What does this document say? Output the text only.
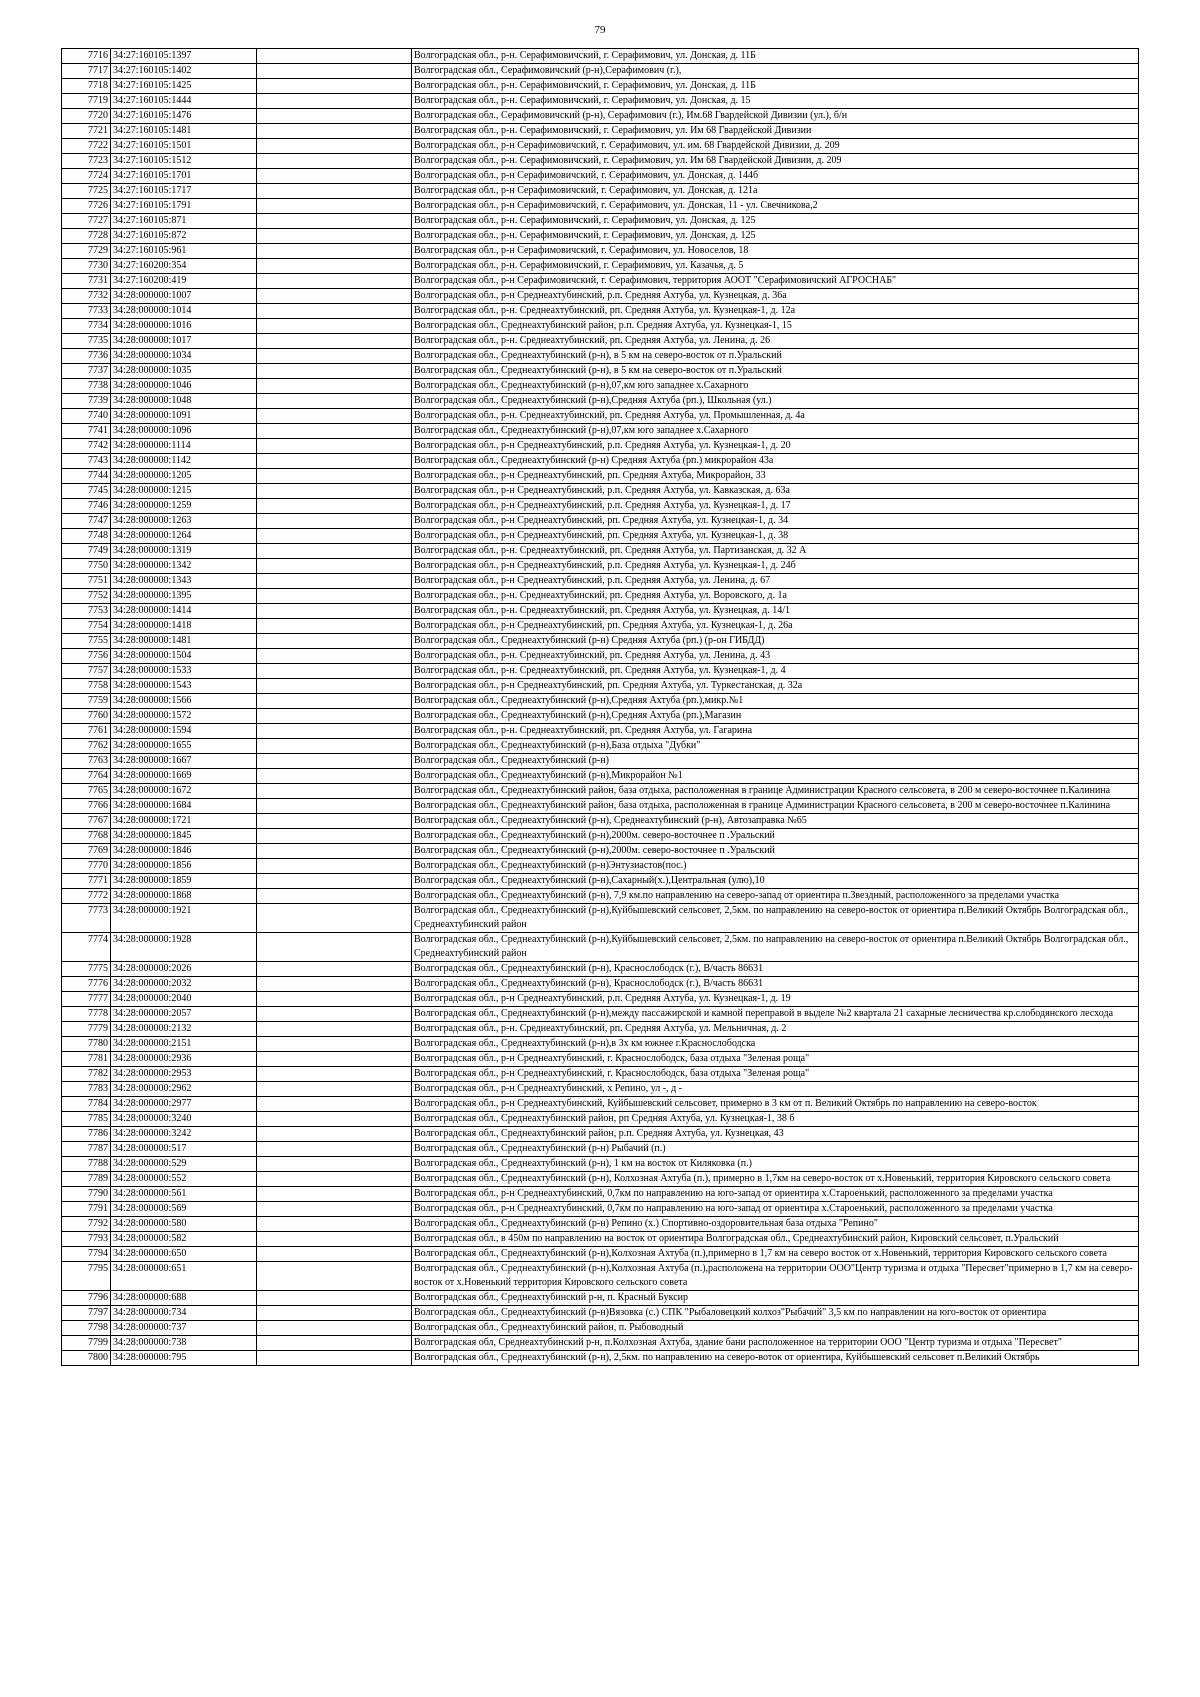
79
7716	34:27:160105:1397		Волгоградская обл., р-н. Серафимовичский, г. Серафимович, ул. Донская, д. 11Б
7717	34:27:160105:1402		Волгоградская обл., Серафимовичский (р-н),Серафимович (г.),
7718	34:27:160105:1425		Волгоградская обл., р-н. Серафимовичский, г. Серафимович, ул. Донская, д. 11Б
7719	34:27:160105:1444		Волгоградская обл., р-н. Серафимовичский, г. Серафимович, ул. Донская, д. 15
7720	34:27:160105:1476		Волгоградская обл., Серафимовичский (р-н), Серафимович (г.), Им.68 Гвардейской Дивизии (ул.), б/н
7721	34:27:160105:1481		Волгоградская обл., р-н. Серафимовичский, г. Серафимович, ул. Им 68 Гвардейской Дивизии
7722	34:27:160105:1501		Волгоградская обл., р-н Серафимовичский, г. Серафимович, ул. им. 68 Гвардейской Дивизии, д. 209
7723	34:27:160105:1512		Волгоградская обл., р-н. Серафимовичский, г. Серафимович, ул. Им 68 Гвардейской Дивизии, д. 209
7724	34:27:160105:1701		Волгоградская обл., р-н Серафимовичский, г. Серафимович, ул. Донская, д. 144б
7725	34:27:160105:1717		Волгоградская обл., р-н Серафимовичский, г. Серафимович, ул. Донская, д. 121а
7726	34:27:160105:1791		Волгоградская обл., р-н Серафимовичский, г. Серафимович, ул. Донская, 11 - ул. Свечникова,2
7727	34:27:160105:871		Волгоградская обл., р-н. Серафимовичский, г. Серафимович, ул. Донская, д. 125
7728	34:27:160105:872		Волгоградская обл., р-н. Серафимовичский, г. Серафимович, ул. Донская, д. 125
7729	34:27:160105:961		Волгоградская обл., р-н Серафимовичский, г. Серафимович, ул. Новоселов, 18
7730	34:27:160200:354		Волгоградская обл., р-н. Серафимовичский, г. Серафимович, ул. Казачья, д. 5
7731	34:27:160200:419		Волгоградская обл., р-н Серафимовичский, г. Серафимович, территория АООТ "Серафимовичский АГРОСНАБ"
7732	34:28:000000:1007		Волгоградская обл., р-н Среднеахтубинский, р.п. Средняя Ахтуба, ул. Кузнецкая, д. 36а
7733	34:28:000000:1014		Волгоградская обл., р-н. Среднеахтубинский, рп. Средняя Ахтуба, ул. Кузнецкая-1, д. 12а
7734	34:28:000000:1016		Волгоградская обл., Среднеахтубинский район, р.п. Средняя Ахтуба, ул. Кузнецкая-1, 15
7735	34:28:000000:1017		Волгоградская обл., р-н. Среднеахтубинский, рп. Средняя Ахтуба, ул. Ленина, д. 26
7736	34:28:000000:1034		Волгоградская обл., Среднеахтубинский (р-н), в 5 км на северо-восток от п.Уральский
7737	34:28:000000:1035		Волгоградская обл., Среднеахтубинский (р-н), в 5 км на северо-восток от п.Уральский
7738	34:28:000000:1046		Волгоградская обл., Среднеахтубинский (р-н),07,км юго западнее х.Сахарного
7739	34:28:000000:1048		Волгоградская обл., Среднеахтубинский (р-н),Средняя Ахтуба (рп.), Школьная (ул.)
7740	34:28:000000:1091		Волгоградская обл., р-н. Среднеахтубинский, рп. Средняя Ахтуба, ул. Промышленная, д. 4а
7741	34:28:000000:1096		Волгоградская обл., Среднеахтубинский (р-н),07,км юго западнее х.Сахарного
7742	34:28:000000:1114		Волгоградская обл., р-н Среднеахтубинский, р.п. Средняя Ахтуба, ул. Кузнецкая-1, д. 20
7743	34:28:000000:1142		Волгоградская обл., Среднеахтубинский (р-н) Средняя Ахтуба (рп.) микрорайон 43а
7744	34:28:000000:1205		Волгоградская обл., р-н Среднеахтубинский, рп. Средняя Ахтуба, Микрорайон, 33
7745	34:28:000000:1215		Волгоградская обл., р-н Среднеахтубинский, р.п. Средняя Ахтуба, ул. Кавказская, д. 63а
7746	34:28:000000:1259		Волгоградская обл., р-н Среднеахтубинский, р.п. Средняя Ахтуба, ул. Кузнецкая-1, д. 17
7747	34:28:000000:1263		Волгоградская обл., р-н Среднеахтубинский, рп. Средняя Ахтуба, ул. Кузнецкая-1, д. 34
7748	34:28:000000:1264		Волгоградская обл., р-н Среднеахтубинский, рп. Средняя Ахтуба, ул. Кузнецкая-1, д. 38
7749	34:28:000000:1319		Волгоградская обл., р-н. Среднеахтубинский, рп. Средняя Ахтуба, ул. Партизанская, д. 32 А
7750	34:28:000000:1342		Волгоградская обл., р-н Среднеахтубинский, р.п. Средняя Ахтуба, ул. Кузнецкая-1, д. 24б
7751	34:28:000000:1343		Волгоградская обл., р-н Среднеахтубинский, р.п. Средняя Ахтуба, ул. Ленина, д. 67
7752	34:28:000000:1395		Волгоградская обл., р-н. Среднеахтубинский, рп. Средняя Ахтуба, ул. Воровского, д. 1а
7753	34:28:000000:1414		Волгоградская обл., р-н. Среднеахтубинский, рп. Средняя Ахтуба, ул. Кузнецкая, д. 14/1
7754	34:28:000000:1418		Волгоградская обл., р-н Среднеахтубинский, рп. Средняя Ахтуба, ул. Кузнецкая-1, д. 26а
7755	34:28:000000:1481		Волгоградская обл., Среднеахтубинский (р-н) Средняя Ахтуба (рп.) (р-он ГИБДД)
7756	34:28:000000:1504		Волгоградская обл., р-н. Среднеахтубинский, рп. Средняя Ахтуба, ул. Ленина, д. 43
7757	34:28:000000:1533		Волгоградская обл., р-н. Среднеахтубинский, рп. Средняя Ахтуба, ул. Кузнецкая-1, д. 4
7758	34:28:000000:1543		Волгоградская обл., р-н Среднеахтубинский, рп. Средняя Ахтуба, ул. Туркестанская, д. 32а
7759	34:28:000000:1566		Волгоградская обл., Среднеахтубинский (р-н),Средняя Ахтуба (рп.),микр.№1
7760	34:28:000000:1572		Волгоградская обл., Среднеахтубинский (р-н),Средняя Ахтуба (рп.),Магазин
7761	34:28:000000:1594		Волгоградская обл., р-н. Среднеахтубинский, рп. Средняя Ахтуба, ул. Гагарина
7762	34:28:000000:1655		Волгоградская обл., Среднеахтубинский (р-н),База отдыха "Дубки"
7763	34:28:000000:1667		Волгоградская обл., Среднеахтубинский (р-н)
7764	34:28:000000:1669		Волгоградская обл., Среднеахтубинский (р-н),Микрорайон №1
7765	34:28:000000:1672		Волгоградская обл., Среднеахтубинский район, база отдыха, расположенная в границе Администрации Красного сельсовета, в 200 м северо-восточнее п.Калинина
7766	34:28:000000:1684		Волгоградская обл., Среднеахтубинский район, база отдыха, расположенная в границе Администрации Красного сельсовета, в 200 м северо-восточнее п.Калинина
7767	34:28:000000:1721		Волгоградская обл., Среднеахтубинский (р-н), Среднеахтубинский (р-н), Автозаправка №65
7768	34:28:000000:1845		Волгоградская обл., Среднеахтубинский (р-н),2000м. северо-восточнее п .Уральский
7769	34:28:000000:1846		Волгоградская обл., Среднеахтубинский (р-н),2000м. северо-восточнее п .Уральский
7770	34:28:000000:1856		Волгоградская обл., Среднеахтубинский (р-н)Энтузиастов(пос.)
7771	34:28:000000:1859		Волгоградская обл., Среднеахтубинский (р-н),Сахарный(х.),Центральная (улю),10
7772	34:28:000000:1868		Волгоградская обл., Среднеахтубинский (р-н), 7,9 км.по направлению на северо-запад от ориентира п.Звездный, расположенного за пределами участка
7773	34:28:000000:1921		Волгоградская обл., Среднеахтубинский (р-н),Куйбышевский сельсовет, 2,5км. по направлению на северо-восток от ориентира п.Великий Октябрь Волгоградская обл., Среднеахтубинский район
7774	34:28:000000:1928		Волгоградская обл., Среднеахтубинский (р-н),Куйбышевский сельсовет, 2,5км. по направлению на северо-восток от ориентира п.Великий Октябрь Волгоградская обл., Среднеахтубинский район
7775	34:28:000000:2026		Волгоградская обл., Среднеахтубинский (р-н), Краснослободск (г.), В/часть 86631
7776	34:28:000000:2032		Волгоградская обл., Среднеахтубинский (р-н), Краснослободск (г.), В/часть 86631
7777	34:28:000000:2040		Волгоградская обл., р-н Среднеахтубинский, р.п. Средняя Ахтуба, ул. Кузнецкая-1, д. 19
7778	34:28:000000:2057		Волгоградская обл., Среднеахтубинский (р-н),между пассажирской и камной переправой в выделе №2 квартала 21 сахарные лесничества кр.слободянского лесхода
7779	34:28:000000:2132		Волгоградская обл., р-н. Среднеахтубинский, рп. Средняя Ахтуба, ул. Мельничная, д. 2
7780	34:28:000000:2151		Волгоградская обл., Среднеахтубинский (р-н),в 3х км южнее г.Краснослободска
7781	34:28:000000:2936		Волгоградская обл., р-н Среднеахтубинский, г. Краснослободск, база отдыха "Зеленая роща"
7782	34:28:000000:2953		Волгоградская обл., р-н Среднеахтубинский, г. Краснослободск, база отдыха "Зеленая роща"
7783	34:28:000000:2962		Волгоградская обл., р-н Среднеахтубинский, х Репино, ул -, д -
7784	34:28:000000:2977		Волгоградская обл., р-н Среднеахтубинский, Куйбышевский сельсовет, примерно в 3 км от п. Великий Октябрь по направлению на северо-восток
7785	34:28:000000:3240		Волгоградская обл., Среднеахтубинский район, рп Средняя Ахтуба, ул. Кузнецкая-1, 38 б
7786	34:28:000000:3242		Волгоградская обл., Среднеахтубинский район, р.п. Средняя Ахтуба, ул. Кузнецкая, 43
7787	34:28:000000:517		Волгоградская обл., Среднеахтубинский (р-н) Рыбачий (п.)
7788	34:28:000000:529		Волгоградская обл., Среднеахтубинский (р-н), 1 км на восток от Киляковка (п.)
7789	34:28:000000:552		Волгоградская обл., Среднеахтубинский (р-н), Колхозная Ахтуба (п.), примерно в 1,7км на северо-восток от х.Новенький, территория Кировского сельского совета
7790	34:28:000000:561		Волгоградская обл., р-н Среднеахтубинский, 0,7км по направлению на юго-запад от ориентира х.Староенький, расположенного за пределами участка
7791	34:28:000000:569		Волгоградская обл., р-н Среднеахтубинский, 0,7км по направлению на юго-запад от ориентира х.Староенький, расположенного за пределами участка
7792	34:28:000000:580		Волгоградская обл., Среднеахтубинский (р-н) Репино (х.) Спортивно-оздоровительная база отдыха "Репино"
7793	34:28:000000:582		Волгоградская обл., в 450м по направлению на восток от ориентира Волгоградская обл., Среднеахтубинский район, Кировский сельсовет, п.Уральский
7794	34:28:000000:650		Волгоградская обл., Среднеахтубинский (р-н),Колхозная Ахтуба (п.),примерно в 1,7 км на северо восток от х.Новенький, территория Кировского сельского совета
7795	34:28:000000:651		Волгоградская обл., Среднеахтубинский (р-н),Колхозная Ахтуба (п.),расположена на территории ООО"Центр туризма и отдыха "Пересвет"примерно в 1,7 км на северо-восток от х.Новенький территория Кировского сельского совета
7796	34:28:000000:688		Волгоградская обл., Среднеахтубинский р-н, п. Красный Буксир
7797	34:28:000000:734		Волгоградская обл., Среднеахтубинский (р-н)Вязовка (с.) СПК "Рыбаловецкий колхоз"Рыбачий" 3,5 км по направлении на юго-восток от ориентира
7798	34:28:000000:737		Волгоградская обл., Среднеахтубинский район, п. Рыбоводный
7799	34:28:000000:738		Волгоградская обл, Среднеахтубинский р-н, п.Колхозная Ахтуба, здание бани расположенное на территории ООО "Центр туризма и отдыха "Пересвет"
7800	34:28:000000:795		Волгоградская обл., Среднеахтубинский (р-н), 2,5км. по направлению на северо-воток от ориентира, Куйбышевский сельсовет п.Великий Октябрь
